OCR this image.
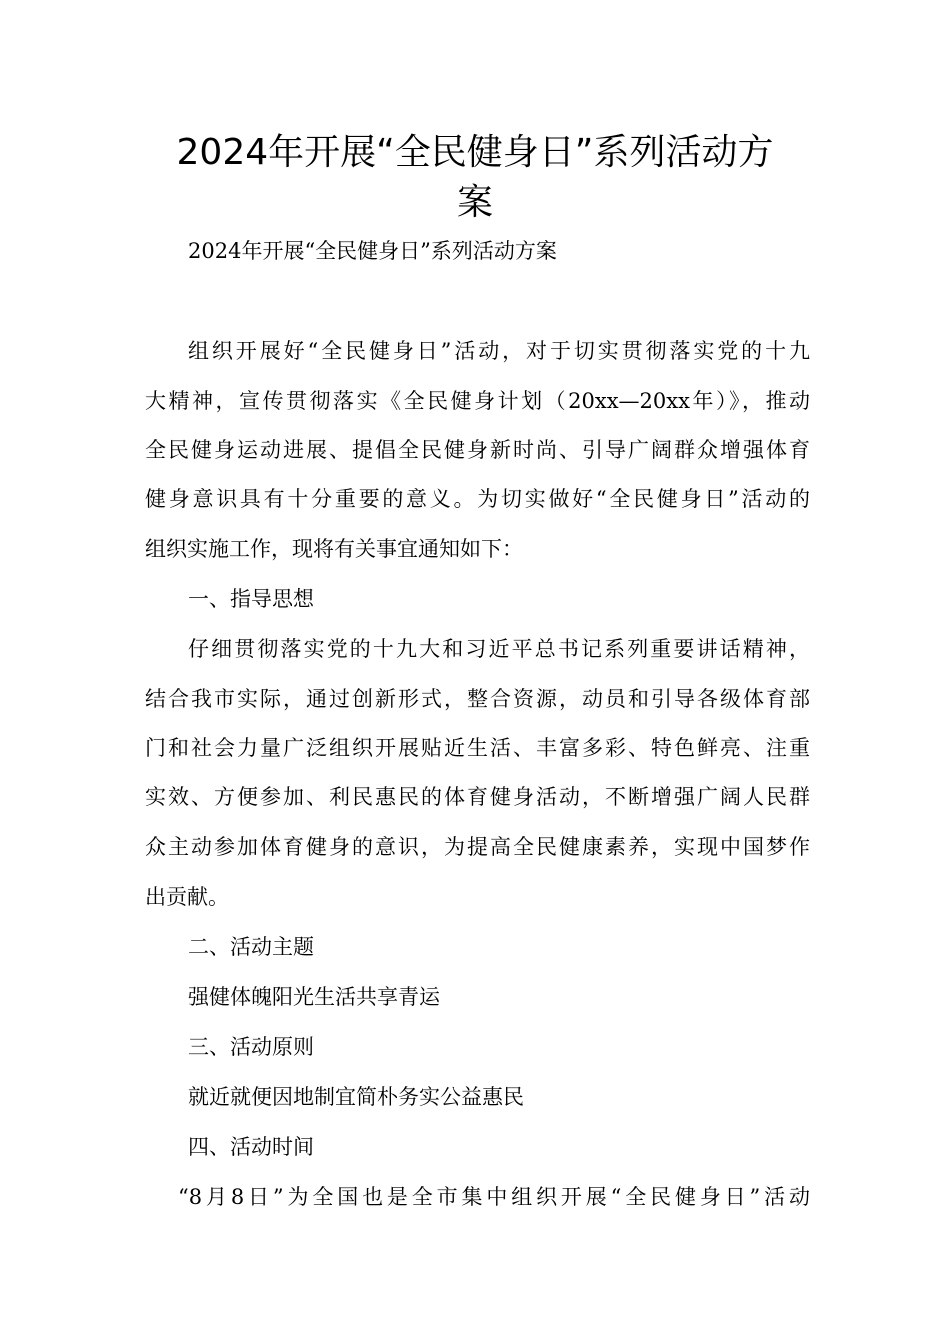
2024年开展“全民健身日”系列活动方
案
2024年开展“全民健身日”系列活动方案
组织开展好“全民健身日”活动，对于切实贯彻落实党的十九
大精神，宣传贯彻落实《全民健身计划（20xx—20xx年）》，推动
全民健身运动进展、提倡全民健身新时尚、引导广阔群众增强体育
健身意识具有十分重要的意义。为切实做好“全民健身日”活动的
组织实施工作，现将有关事宜通知如下：
一、指导思想
仔细贯彻落实党的十九大和习近平总书记系列重要讲话精神，
结合我市实际，通过创新形式，整合资源，动员和引导各级体育部
门和社会力量广泛组织开展贴近生活、丰富多彩、特色鲜亮、注重
实效、方便参加、利民惠民的体育健身活动，不断增强广阔人民群
众主动参加体育健身的意识，为提高全民健康素养，实现中国梦作
出贡献。
二、活动主题
强健体魄阳光生活共享青运
三、活动原则
就近就便因地制宜简朴务实公益惠民
四、活动时间
“8月8日”为全国也是全市集中组织开展“全民健身日”活动
